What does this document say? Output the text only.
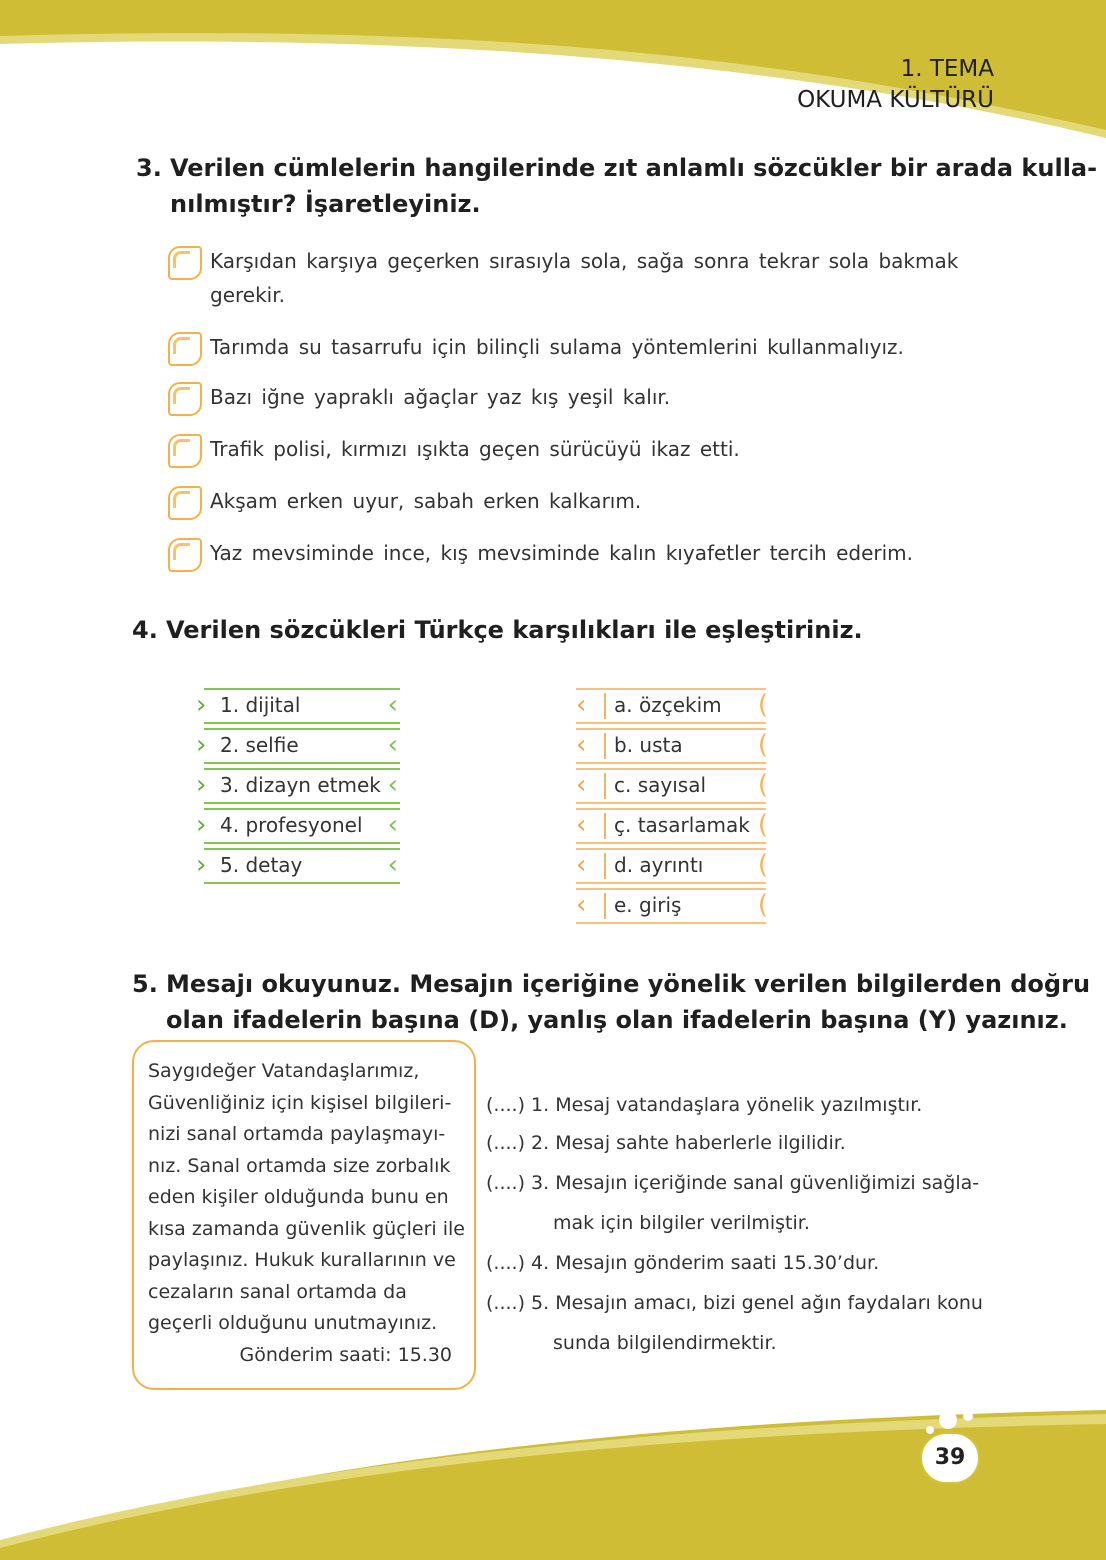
1. TEMA
OKUMA KÜLTÜRÜ
3. Verilen cümlelerin hangilerinde zıt anlamlı sözcükler bir arada kulla-
nılmıştır? İşaretleyiniz.
Karşıdan karşıya geçerken sırasıyla sola, sağa sonra tekrar sola bakmak
gerekir.
Tarımda su tasarrufu için bilinçli sulama yöntemlerini kullanmalıyız.
Bazı iğne yapraklı ağaçlar yaz kış yeşil kalır.
Trafik polisi, kırmızı ışıkta geçen sürücüyü ikaz etti.
Akşam erken uyur, sabah erken kalkarım.
Yaz mevsiminde ince, kış mevsiminde kalın kıyafetler tercih ederim.
4. Verilen sözcükleri Türkçe karşılıkları ile eşleştiriniz.
› 1. dijital	‹
› 2. selfie	‹
› 3. dizayn etmek ‹
› 4. profesyonel ‹
› 5. detay	‹
‹ a. özçekim (
‹ b. usta	(
‹ c. sayısal (
‹ ç. tasarlamak (
‹ d. ayrıntı (
‹ e. giriş	(
5. Mesajı okuyunuz. Mesajın içeriğine yönelik verilen bilgilerden doğru
olan ifadelerin başına (D), yanlış olan ifadelerin başına (Y) yazınız.
Saygıdeğer Vatandaşlarımız,
Güvenliğiniz için kişisel bilgileri-
nizi sanal ortamda paylaşmayı-
nız. Sanal ortamda size zorbalık
eden kişiler olduğunda bunu en
kısa zamanda güvenlik güçleri ile
paylaşınız. Hukuk kurallarının ve
cezaların sanal ortamda da
geçerli olduğunu unutmayınız.
Gönderim saati: 15.30
(....) 1. Mesaj vatandaşlara yönelik yazılmıştır.
(....) 2. Mesaj sahte haberlerle ilgilidir.
(....) 3. Mesajın içeriğinde sanal güvenliğimizi sağla-
mak için bilgiler verilmiştir.
(....) 4. Mesajın gönderim saati 15.30’dur.
(....) 5. Mesajın amacı, bizi genel ağın faydaları konu
sunda bilgilendirmektir.
39
